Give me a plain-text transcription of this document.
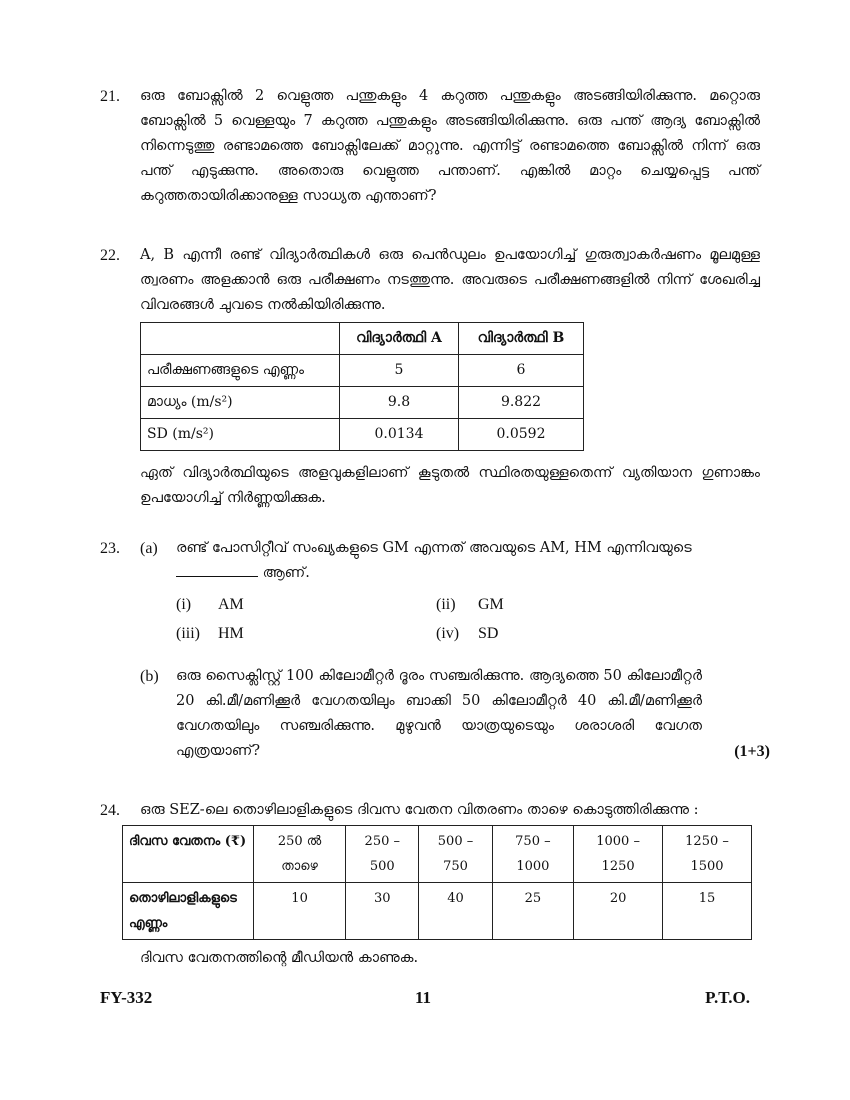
21. ഒരു ബോക്സിൽ 2 വെളുത്ത പന്തുകളും 4 കറുത്ത പന്തുകളും അടങ്ങിയിരിക്കുന്നു. മറ്റൊരു ബോക്സിൽ 5 വെള്ളയും 7 കറുത്ത പന്തുകളും അടങ്ങിയിരിക്കുന്നു. ഒരു പന്ത് ആദ്യ ബോക്സിൽ നിന്നെടുത്തു രണ്ടാമത്തെ ബോക്സിലേക്ക് മാറ്റുന്നു. എന്നിട്ട് രണ്ടാമത്തെ ബോക്സിൽ നിന്ന് ഒരു പന്ത് എടുക്കുന്നു. അതൊരു വെളുത്ത പന്താണ്. എങ്കിൽ മാറ്റം ചെയ്യപ്പെട്ട പന്ത് കറുത്തതായിരിക്കാനുള്ള സാധ്യത എന്താണ്?

22. A, B എന്നീ രണ്ട് വിദ്യാർത്ഥികൾ ഒരു പെൻഡുലം ഉപയോഗിച്ച് ഗുരുത്വാകർഷണം മൂലമുള്ള ത്വരണം അളക്കാൻ ഒരു പരീക്ഷണം നടത്തുന്നു. അവരുടെ പരീക്ഷണങ്ങളിൽ നിന്ന് ശേഖരിച്ച വിവരങ്ങൾ ചുവടെ നൽകിയിരിക്കുന്നു.

	വിദ്യാർത്ഥി A	വിദ്യാർത്ഥി B
പരീക്ഷണങ്ങളുടെ എണ്ണം	5	6
മാധ്യം (m/s²)	9.8	9.822
SD (m/s²)	0.0134	0.0592

ഏത് വിദ്യാർത്ഥിയുടെ അളവുകളിലാണ് കൂടുതൽ സ്ഥിരതയുള്ളതെന്ന് വ്യതിയാന ഗുണാങ്കം ഉപയോഗിച്ച് നിർണ്ണയിക്കുക.

23. (a) രണ്ട് പോസിറ്റീവ് സംഖ്യകളുടെ GM എന്നത് അവയുടെ AM, HM എന്നിവയുടെ
ആണ്.

(i) AM	(ii) GM
(iii) HM	(iv) SD
(b) ഒരു സൈക്ലിസ്റ്റ് 100 കിലോമീറ്റർ ദൂരം സഞ്ചരിക്കുന്നു. ആദ്യത്തെ 50 കിലോമീറ്റർ 20 കി.മീ/മണിക്കൂർ വേഗതയിലും ബാക്കി 50 കിലോമീറ്റർ 40 കി.മീ/മണിക്കൂർ വേഗതയിലും സഞ്ചരിക്കുന്നു. മുഴുവൻ യാത്രയുടെയും ശരാശരി വേഗത എത്രയാണ്?	(1+3)
24. ഒരു SEZ-ലെ തൊഴിലാളികളുടെ ദിവസ വേതന വിതരണം താഴെ കൊടുത്തിരിക്കുന്നു :

ദിവസ വേതനം (₹)	250 ൽ താഴെ	250 – 500	500 – 750	750 – 1000	1000 – 1250	1250 – 1500
തൊഴിലാളികളുടെ എണ്ണം	10	30	40	25	20	15

ദിവസ വേതനത്തിന്റെ മീഡിയൻ കാണുക.

FY-332	11	P.T.O.
